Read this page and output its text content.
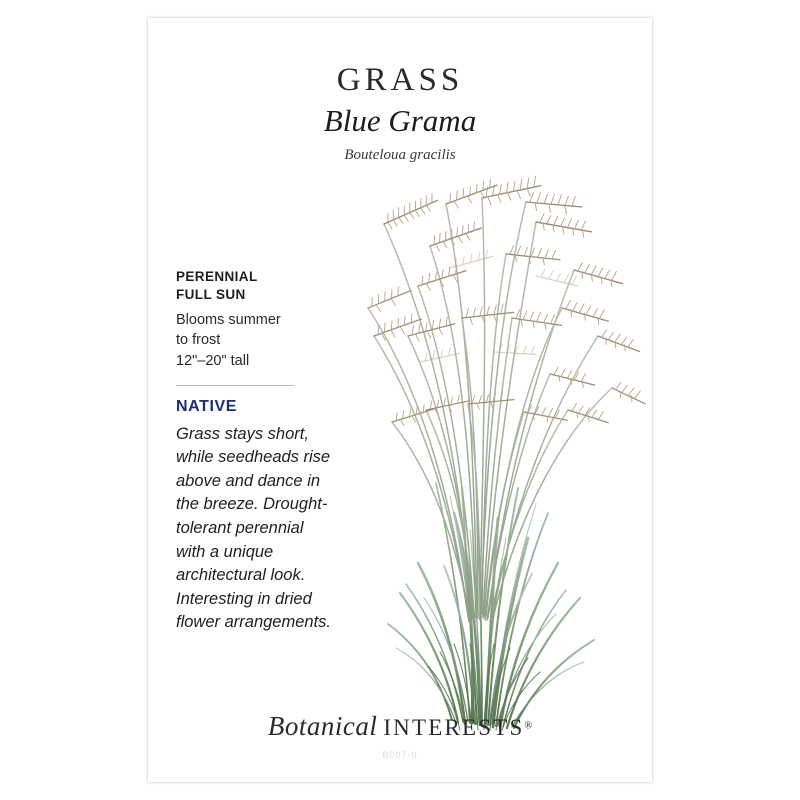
GRASS
Blue Grama
Bouteloua gracilis
PERENNIAL
FULL SUN
Blooms summer
to frost
12"–20" tall
NATIVE
Grass stays short, while seedheads rise above and dance in the breeze. Drought-tolerant perennial with a unique architectural look. Interesting in dried flower arrangements.
Botanical INTERESTS®
B007-9
